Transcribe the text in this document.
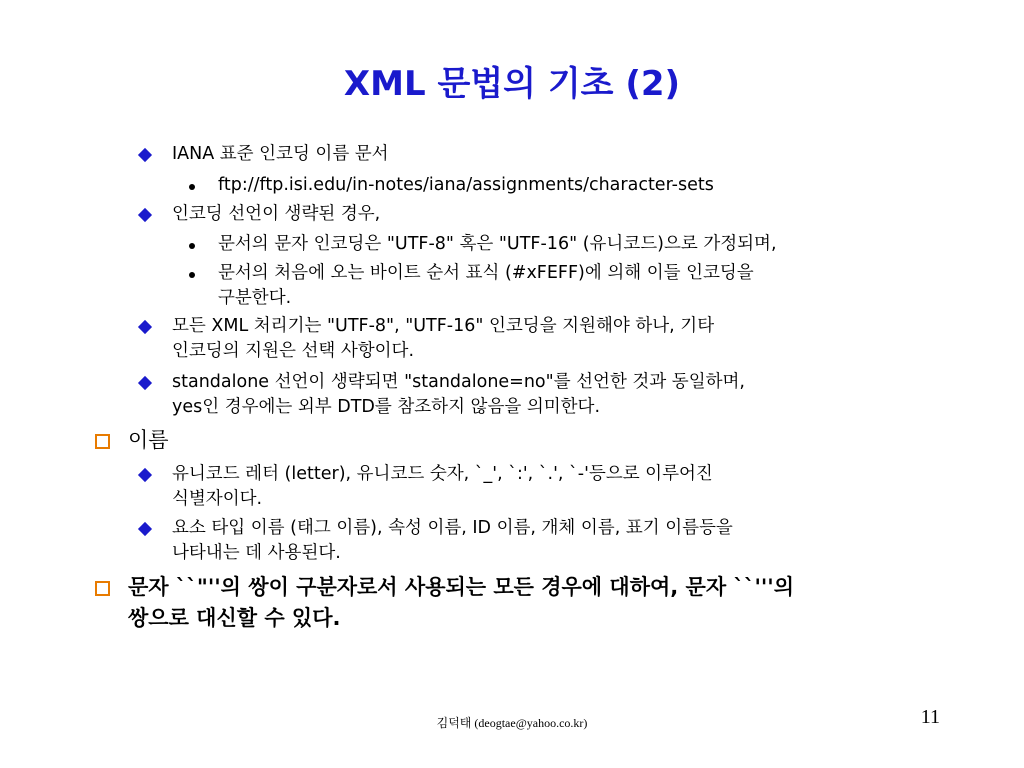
XML 문법의 기초 (2)
IANA 표준 인코딩 이름 문서
ftp://ftp.isi.edu/in-notes/iana/assignments/character-sets
인코딩 선언이 생략된 경우,
문서의 문자 인코딩은 "UTF-8" 혹은 "UTF-16" (유니코드)으로 가정되며,
문서의 처음에 오는 바이트 순서 표식 (#xFEFF)에 의해 이들 인코딩을
구분한다.
모든 XML 처리기는 "UTF-8", "UTF-16" 인코딩을 지원해야 하나, 기타
인코딩의 지원은 선택 사항이다.
standalone 선언이 생략되면 "standalone=no"를 선언한 것과 동일하며,
yes인 경우에는 외부 DTD를 참조하지 않음을 의미한다.
이름
유니코드 레터 (letter), 유니코드 숫자, `_', `:', `.', `-'등으로 이루어진
식별자이다.
요소 타입 이름 (태그 이름), 속성 이름, ID 이름, 개체 이름, 표기 이름등을
나타내는 데 사용된다.
문자 ``"''의 쌍이 구분자로서 사용되는 모든 경우에 대하여, 문자 ``'''의
쌍으로 대신할 수 있다.
김덕태 (deogtae@yahoo.co.kr)	11
